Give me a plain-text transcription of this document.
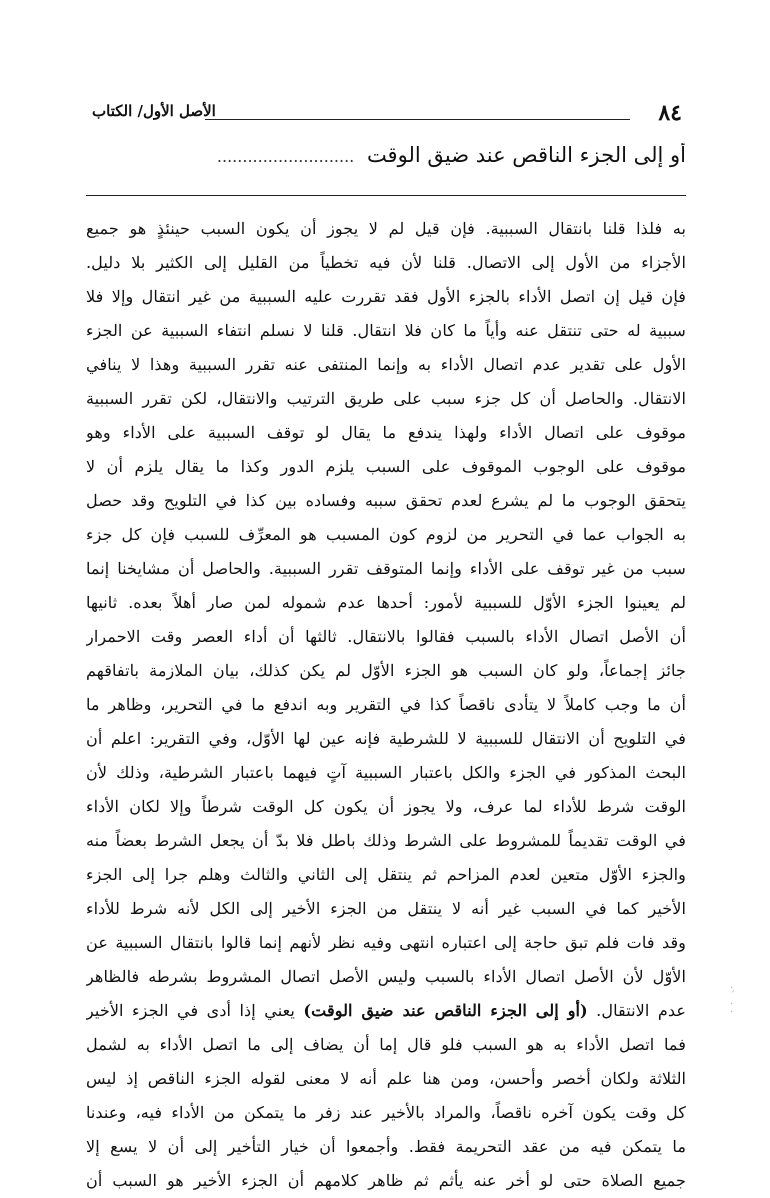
٨٤
الأصل الأول/ الكتاب
أو إلى الجزء الناقص عند ضيق الوقت ...........................
به فلذا قلنا بانتقال السببية. فإن قيل لم لا يجوز أن يكون السبب حينئذٍ هو جميع
الأجزاء من الأول إلى الاتصال. قلنا لأن فيه تخطياً من القليل إلى الكثير بلا دليل.
فإن قيل إن اتصل الأداء بالجزء الأول فقد تقررت عليه السببية من غير انتقال وإلا فلا
سببية له حتى تنتقل عنه وأياً ما كان فلا انتقال. قلنا لا نسلم انتفاء السببية عن الجزء
الأول على تقدير عدم اتصال الأداء به وإنما المنتفى عنه تقرر السببية وهذا لا ينافي
الانتقال. والحاصل أن كل جزء سبب على طريق الترتيب والانتقال، لكن تقرر السببية
موقوف على اتصال الأداء ولهذا يندفع ما يقال لو توقف السببية على الأداء وهو
موقوف على الوجوب الموقوف على السبب يلزم الدور وكذا ما يقال يلزم أن لا
يتحقق الوجوب ما لم يشرع لعدم تحقق سببه وفساده بين كذا في التلويح وقد حصل
به الجواب عما في التحرير من لزوم كون المسبب هو المعرِّف للسبب فإن كل جزء
سبب من غير توقف على الأداء وإنما المتوقف تقرر السببية. والحاصل أن مشايخنا إنما
لم يعينوا الجزء الأوّل للسببية لأمور: أحدها عدم شموله لمن صار أهلاً بعده. ثانيها
أن الأصل اتصال الأداء بالسبب فقالوا بالانتقال. ثالثها أن أداء العصر وقت الاحمرار
جائز إجماعاً، ولو كان السبب هو الجزء الأوّل لم يكن كذلك، بيان الملازمة باتفاقهم
أن ما وجب كاملاً لا يتأدى ناقصاً كذا في التقرير وبه اندفع ما في التحرير، وظاهر ما
في التلويح أن الانتقال للسببية لا للشرطية فإنه عين لها الأوّل، وفي التقرير: اعلم أن
البحث المذكور في الجزء والكل باعتبار السببية آتٍ فيهما باعتبار الشرطية، وذلك لأن
الوقت شرط للأداء لما عرف، ولا يجوز أن يكون كل الوقت شرطاً وإلا لكان الأداء
في الوقت تقديماً للمشروط على الشرط وذلك باطل فلا بدّ أن يجعل الشرط بعضاً منه
والجزء الأوّل متعين لعدم المزاحم ثم ينتقل إلى الثاني والثالث وهلم جرا إلى الجزء
الأخير كما في السبب غير أنه لا ينتقل من الجزء الأخير إلى الكل لأنه شرط للأداء
وقد فات فلم تبق حاجة إلى اعتباره انتهى وفيه نظر لأنهم إنما قالوا بانتقال السببية عن
الأوّل لأن الأصل اتصال الأداء بالسبب وليس الأصل اتصال المشروط بشرطه فالظاهر
عدم الانتقال. (أو إلى الجزء الناقص عند ضيق الوقت) يعني إذا أدى في الجزء الأخير
فما اتصل الأداء به هو السبب فلو قال إما أن يضاف إلى ما اتصل الأداء به لشمل
الثلاثة ولكان أخصر وأحسن، ومن هنا علم أنه لا معنى لقوله الجزء الناقص إذ ليس
كل وقت يكون آخره ناقصاً، والمراد بالأخير عند زفر ما يتمكن من الأداء فيه، وعندنا
ما يتمكن فيه من عقد التحريمة فقط. وأجمعوا أن خيار التأخير إلى أن لا يسع إلا
جميع الصلاة حتى لو أخر عنه يأثم ثم ظاهر كلامهم أن الجزء الأخير هو السبب أن
·
´
·
·
